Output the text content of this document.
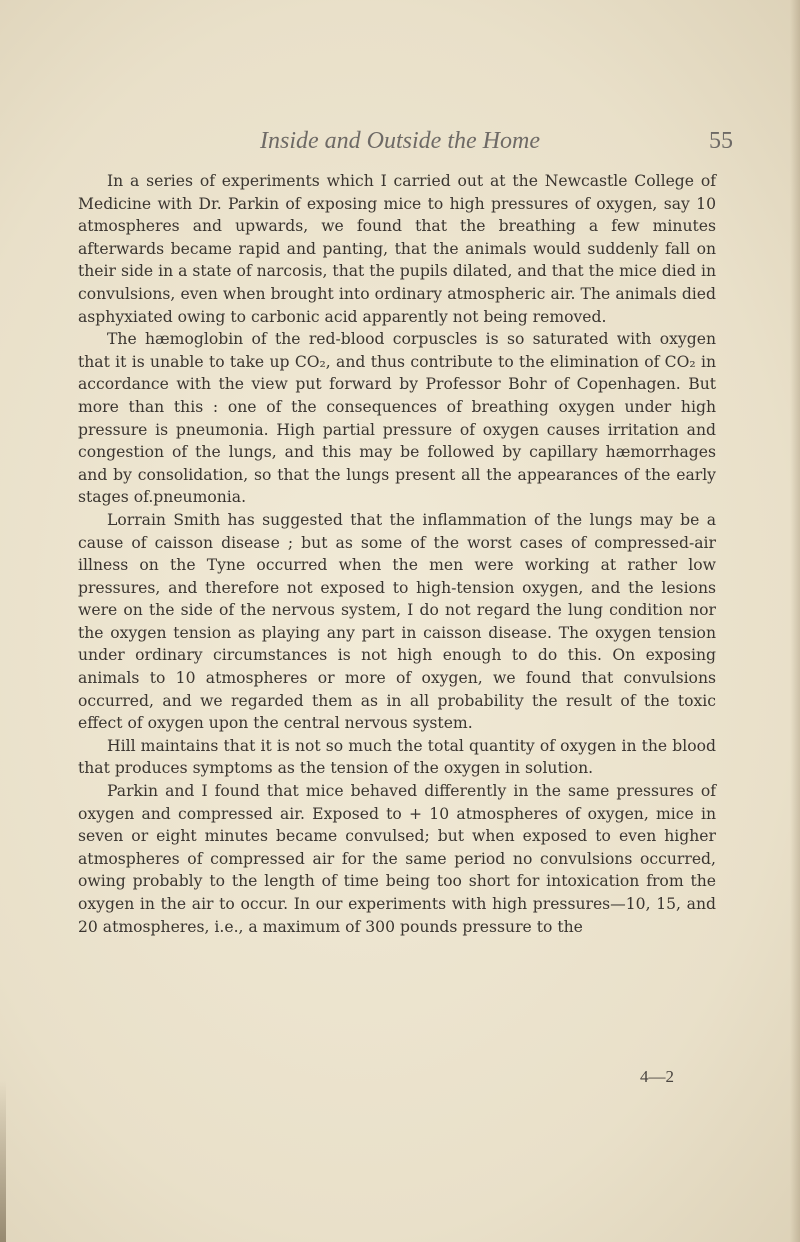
Inside and Outside the Home	55

In a series of experiments which I carried out at the Newcastle College of Medicine with Dr. Parkin of exposing mice to high pressures of oxygen, say 10 atmospheres and upwards, we found that the breathing a few minutes afterwards became rapid and panting, that the animals would suddenly fall on their side in a state of narcosis, that the pupils dilated, and that the mice died in convulsions, even when brought into ordinary atmospheric air. The animals died asphyxiated owing to carbonic acid apparently not being removed.

The hæmoglobin of the red-blood corpuscles is so saturated with oxygen that it is unable to take up CO₂, and thus contribute to the elimination of CO₂ in accordance with the view put forward by Professor Bohr of Copenhagen. But more than this : one of the consequences of breathing oxygen under high pressure is pneumonia. High partial pressure of oxygen causes irritation and congestion of the lungs, and this may be followed by capillary hæmorrhages and by consolidation, so that the lungs present all the appearances of the early stages of.pneumonia.

Lorrain Smith has suggested that the inflammation of the lungs may be a cause of caisson disease ; but as some of the worst cases of compressed-air illness on the Tyne occurred when the men were working at rather low pressures, and therefore not exposed to high-tension oxygen, and the lesions were on the side of the nervous system, I do not regard the lung condition nor the oxygen tension as playing any part in caisson disease. The oxygen tension under ordinary circumstances is not high enough to do this. On exposing animals to 10 atmospheres or more of oxygen, we found that convulsions occurred, and we regarded them as in all probability the result of the toxic effect of oxygen upon the central nervous system.

Hill maintains that it is not so much the total quantity of oxygen in the blood that produces symptoms as the tension of the oxygen in solution.

Parkin and I found that mice behaved differently in the same pressures of oxygen and compressed air. Exposed to + 10 atmospheres of oxygen, mice in seven or eight minutes became convulsed; but when exposed to even higher atmospheres of compressed air for the same period no convulsions occurred, owing probably to the length of time being too short for intoxication from the oxygen in the air to occur. In our experiments with high pressures—10, 15, and 20 atmospheres, i.e., a maximum of 300 pounds pressure to the

4—2
